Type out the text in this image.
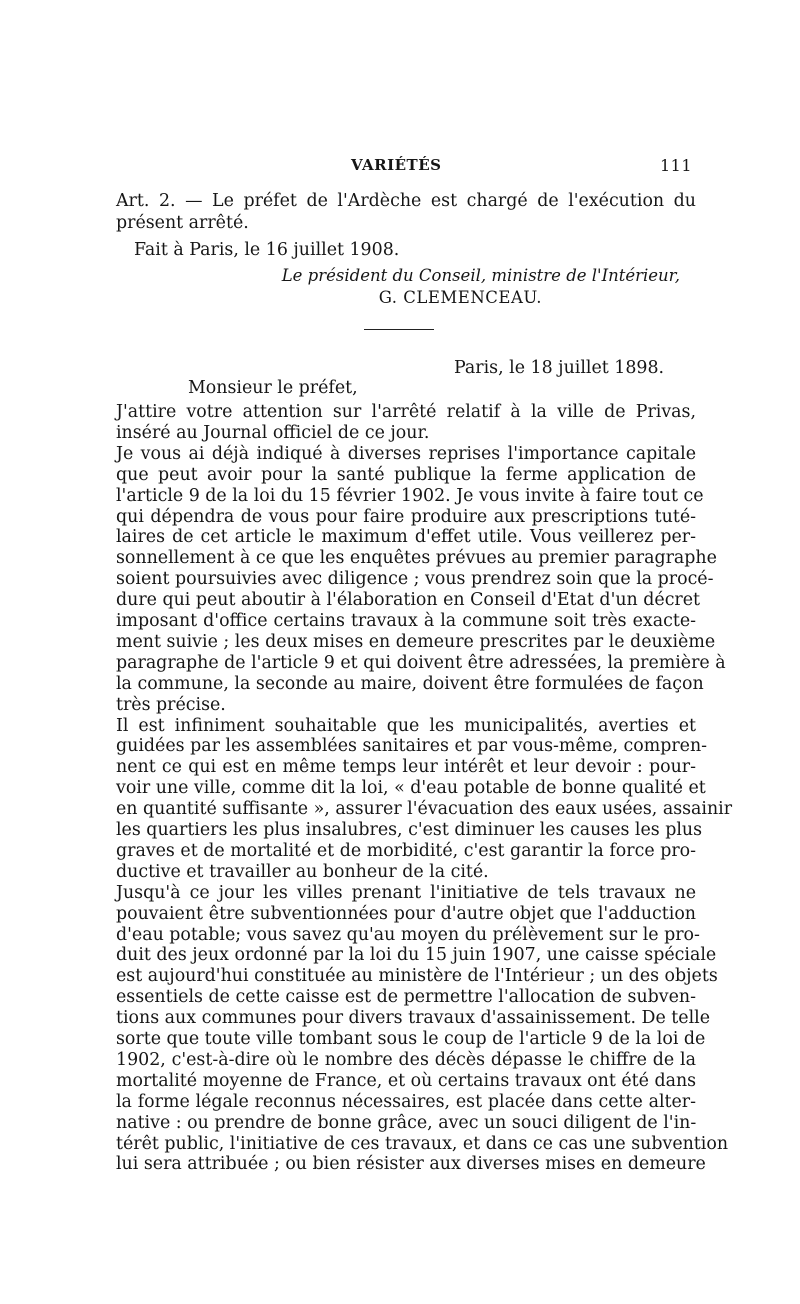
VARIÉTÉS	111
Art. 2. — Le préfet de l'Ardèche est chargé de l'exécution du
présent arrêté.
Fait à Paris, le 16 juillet 1908.
Le président du Conseil, ministre de l'Intérieur,
G. CLEMENCEAU.
Paris, le 18 juillet 1898.
Monsieur le préfet,
J'attire votre attention sur l'arrêté relatif à la ville de Privas,
inséré au Journal officiel de ce jour.
Je vous ai déjà indiqué à diverses reprises l'importance capitale
que peut avoir pour la santé publique la ferme application de
l'article 9 de la loi du 15 février 1902. Je vous invite à faire tout ce
qui dépendra de vous pour faire produire aux prescriptions tuté-
laires de cet article le maximum d'effet utile. Vous veillerez per-
sonnellement à ce que les enquêtes prévues au premier paragraphe
soient poursuivies avec diligence ; vous prendrez soin que la procé-
dure qui peut aboutir à l'élaboration en Conseil d'Etat d'un décret
imposant d'office certains travaux à la commune soit très exacte-
ment suivie ; les deux mises en demeure prescrites par le deuxième
paragraphe de l'article 9 et qui doivent être adressées, la première à
la commune, la seconde au maire, doivent être formulées de façon
très précise.
Il est infiniment souhaitable que les municipalités, averties et
guidées par les assemblées sanitaires et par vous-même, compren-
nent ce qui est en même temps leur intérêt et leur devoir : pour-
voir une ville, comme dit la loi, « d'eau potable de bonne qualité et
en quantité suffisante », assurer l'évacuation des eaux usées, assainir
les quartiers les plus insalubres, c'est diminuer les causes les plus
graves et de mortalité et de morbidité, c'est garantir la force pro-
ductive et travailler au bonheur de la cité.
Jusqu'à ce jour les villes prenant l'initiative de tels travaux ne
pouvaient être subventionnées pour d'autre objet que l'adduction
d'eau potable; vous savez qu'au moyen du prélèvement sur le pro-
duit des jeux ordonné par la loi du 15 juin 1907, une caisse spéciale
est aujourd'hui constituée au ministère de l'Intérieur ; un des objets
essentiels de cette caisse est de permettre l'allocation de subven-
tions aux communes pour divers travaux d'assainissement. De telle
sorte que toute ville tombant sous le coup de l'article 9 de la loi de
1902, c'est-à-dire où le nombre des décès dépasse le chiffre de la
mortalité moyenne de France, et où certains travaux ont été dans
la forme légale reconnus nécessaires, est placée dans cette alter-
native : ou prendre de bonne grâce, avec un souci diligent de l'in-
térêt public, l'initiative de ces travaux, et dans ce cas une subvention
lui sera attribuée ; ou bien résister aux diverses mises en demeure
